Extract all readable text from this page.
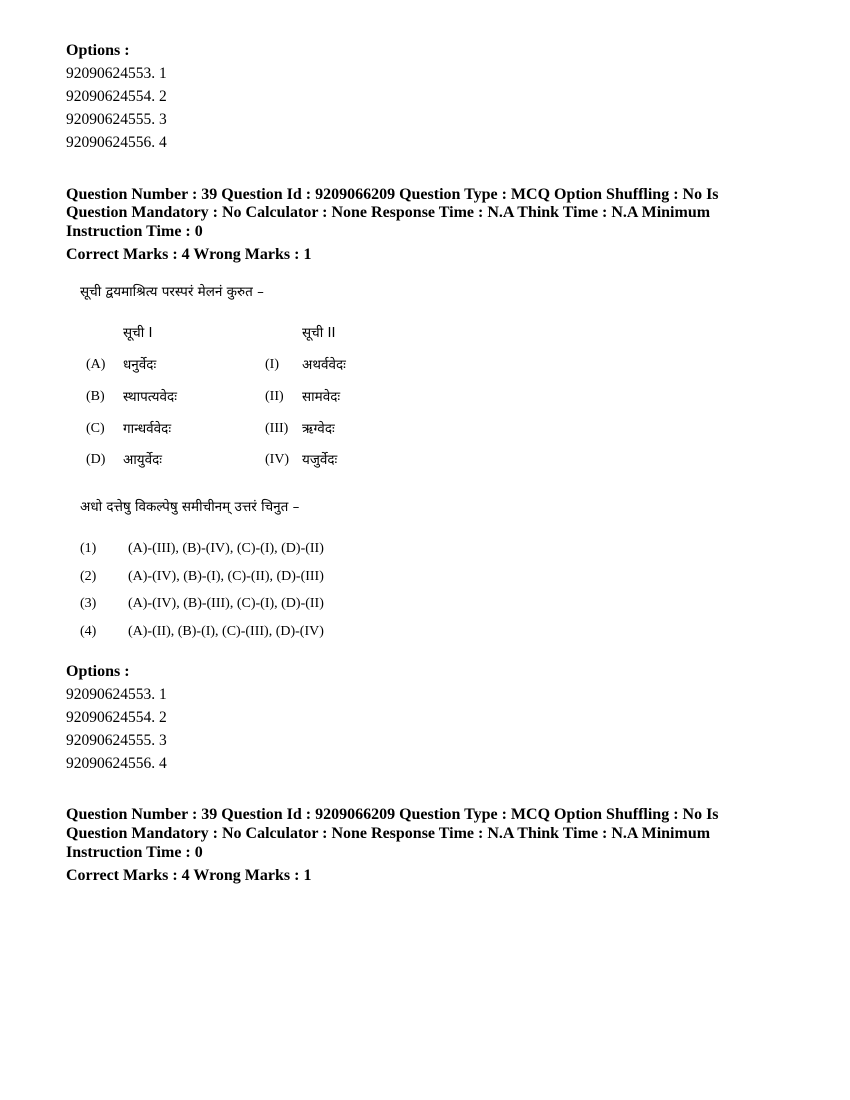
Options :
92090624553. 1
92090624554. 2
92090624555. 3
92090624556. 4
Question Number : 39 Question Id : 9209066209 Question Type : MCQ Option Shuffling : No Is
Question Mandatory : No Calculator : None Response Time : N.A Think Time : N.A Minimum
Instruction Time : 0
Correct Marks : 4 Wrong Marks : 1
सूची द्वयमाश्रित्य परस्परं मेलनं कुरुत –
सूची I	सूची II
(A) धनुर्वेदः	(I) अथर्ववेदः
(B) स्थापत्यवेदः	(II) सामवेदः
(C) गान्धर्ववेदः	(III) ऋग्वेदः
(D) आयुर्वेदः	(IV) यजुर्वेदः
अधो दत्तेषु विकल्पेषु समीचीनम् उत्तरं चिनुत –
(1) (A)-(III), (B)-(IV), (C)-(I), (D)-(II)
(2) (A)-(IV), (B)-(I), (C)-(II), (D)-(III)
(3) (A)-(IV), (B)-(III), (C)-(I), (D)-(II)
(4) (A)-(II), (B)-(I), (C)-(III), (D)-(IV)
Options :
92090624553. 1
92090624554. 2
92090624555. 3
92090624556. 4
Question Number : 39 Question Id : 9209066209 Question Type : MCQ Option Shuffling : No Is
Question Mandatory : No Calculator : None Response Time : N.A Think Time : N.A Minimum
Instruction Time : 0
Correct Marks : 4 Wrong Marks : 1
